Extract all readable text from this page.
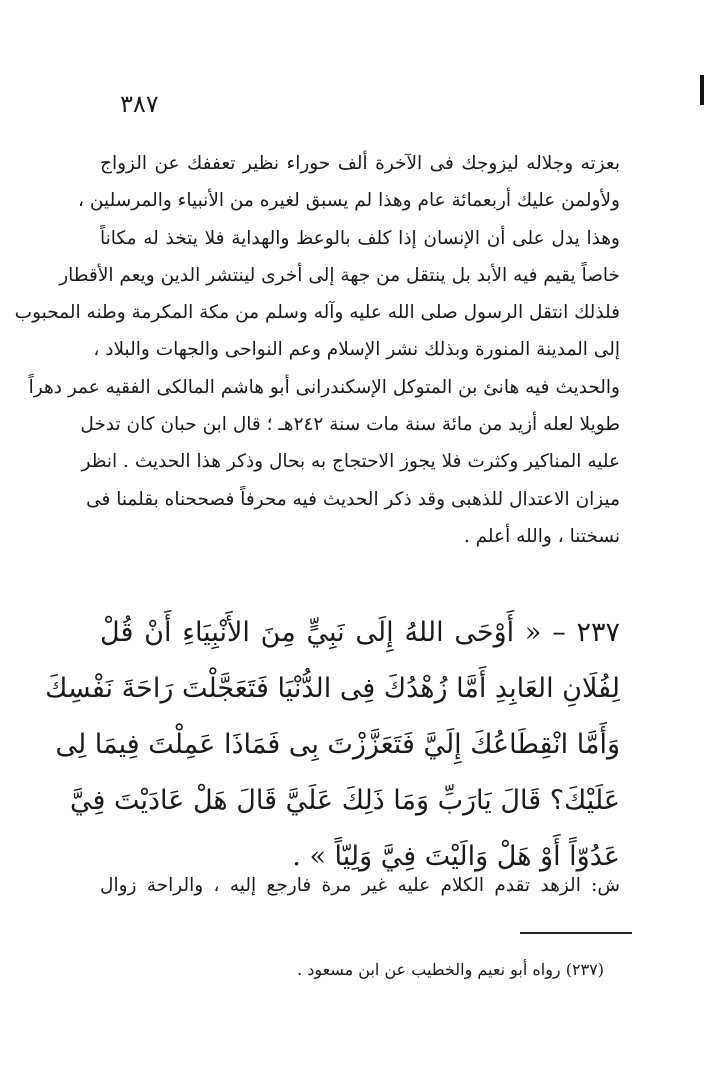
٣٨٧
بعزته وجلاله ليزوجك فى الآخرة ألف حوراء نظير تعففك عن الزواج
ولأولمن عليك أربعمائة عام وهذا لم يسبق لغيره من الأنبياء والمرسلين ،
وهذا يدل على أن الإنسان إذا كلف بالوعظ والهداية فلا يتخذ له مكاناً
خاصاً يقيم فيه الأبد بل ينتقل من جهة إلى أخرى لينتشر الدين ويعم الأقطار
فلذلك انتقل الرسول صلى الله عليه وآله وسلم من مكة المكرمة وطنه المحبوب
إلى المدينة المنورة وبذلك نشر الإسلام وعم النواحى والجهات والبلاد ،
والحديث فيه هانئ بن المتوكل الإسكندرانى أبو هاشم المالكى الفقيه عمر دهراً
طويلا لعله أزيد من مائة سنة مات سنة ٢٤٢هـ ؛ قال ابن حبان كان تدخل
عليه المناكير وكثرت فلا يجوز الاحتجاج به بحال وذكر هذا الحديث . انظر
ميزان الاعتدال للذهبى وقد ذكر الحديث فيه محرفاً فصححناه بقلمنا فى
نسختنا ، والله أعلم .
٢٣٧ – « أَوْحَى اللهُ إِلَى نَبِيٍّ مِنَ الأَنْبِيَاءِ أَنْ قُلْ
لِفُلَانِ العَابِدِ أَمَّا زُهْدُكَ فِى الدُّنْيَا فَتَعَجَّلْتَ رَاحَةَ نَفْسِكَ
وَأَمَّا انْقِطَاعُكَ إِلَيَّ فَتَعَزَّزْتَ بِى فَمَاذَا عَمِلْتَ فِيمَا لِى
عَلَيْكَ؟ قَالَ يَارَبِّ وَمَا ذَلِكَ عَلَيَّ قَالَ هَلْ عَادَيْتَ فِيَّ
عَدُوّاً أَوْ هَلْ وَالَيْتَ فِيَّ وَلِيّاً » .
ش: الزهد تقدم الكلام عليه غير مرة فارجع إليه ، والراحة زوال
(٢٣٧) رواه أبو نعيم والخطيب عن ابن مسعود .
